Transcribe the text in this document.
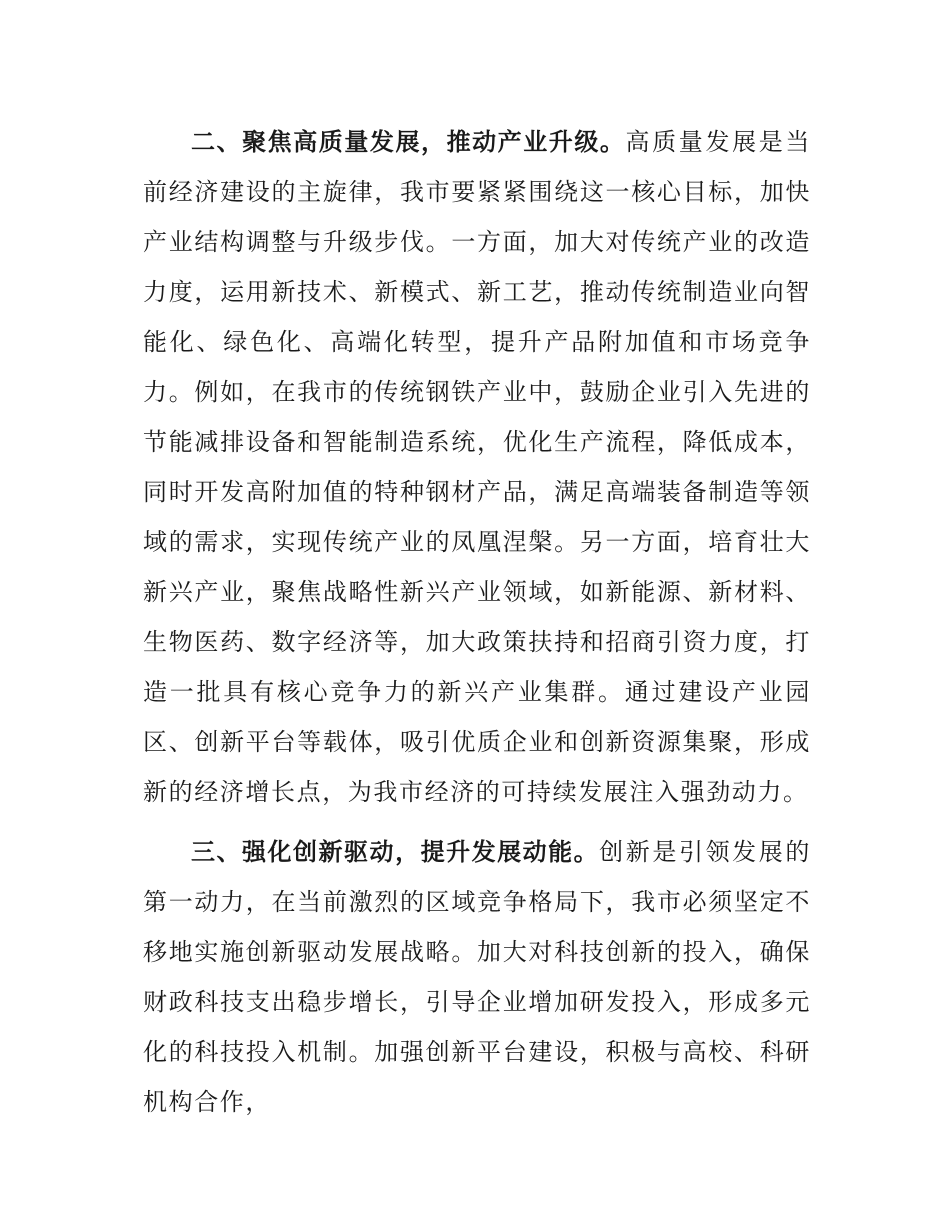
二、聚焦高质量发展，推动产业升级。高质量发展是当前经济建设的主旋律，我市要紧紧围绕这一核心目标，加快产业结构调整与升级步伐。一方面，加大对传统产业的改造力度，运用新技术、新模式、新工艺，推动传统制造业向智能化、绿色化、高端化转型，提升产品附加值和市场竞争力。例如，在我市的传统钢铁产业中，鼓励企业引入先进的节能减排设备和智能制造系统，优化生产流程，降低成本，同时开发高附加值的特种钢材产品，满足高端装备制造等领域的需求，实现传统产业的凤凰涅槃。另一方面，培育壮大新兴产业，聚焦战略性新兴产业领域，如新能源、新材料、生物医药、数字经济等，加大政策扶持和招商引资力度，打造一批具有核心竞争力的新兴产业集群。通过建设产业园区、创新平台等载体，吸引优质企业和创新资源集聚，形成新的经济增长点，为我市经济的可持续发展注入强劲动力。

三、强化创新驱动，提升发展动能。创新是引领发展的第一动力，在当前激烈的区域竞争格局下，我市必须坚定不移地实施创新驱动发展战略。加大对科技创新的投入，确保财政科技支出稳步增长，引导企业增加研发投入，形成多元化的科技投入机制。加强创新平台建设，积极与高校、科研机构合作，
